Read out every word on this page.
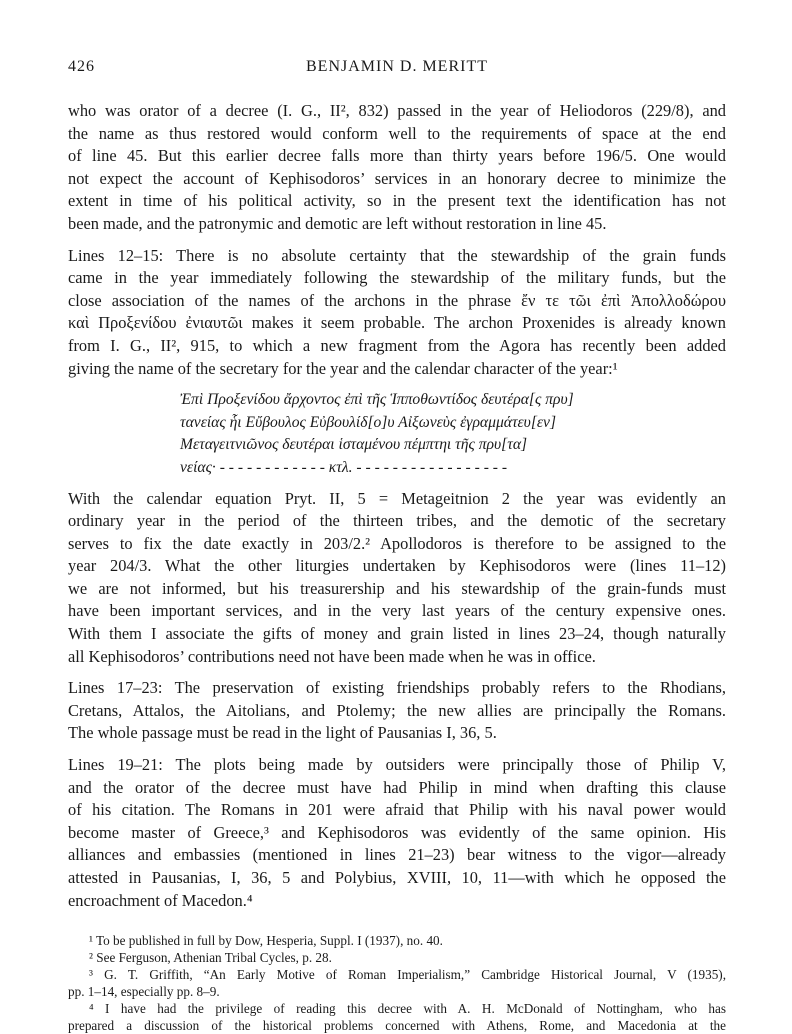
426	BENJAMIN D. MERITT

who was orator of a decree (I. G., II², 832) passed in the year of Heliodoros (229/8), and
the name as thus restored would conform well to the requirements of space at the end
of line 45. But this earlier decree falls more than thirty years before 196/5. One would
not expect the account of Kephisodoros’ services in an honorary decree to minimize the
extent in time of his political activity, so in the present text the identification has not
been made, and the patronymic and demotic are left without restoration in line 45.

Lines 12–15: There is no absolute certainty that the stewardship of the grain funds
came in the year immediately following the stewardship of the military funds, but the
close association of the names of the archons in the phrase ἔν τε τῶι ἐπὶ Ἀπολλοδώρου
καὶ Προξενίδου ἐνιαυτῶι makes it seem probable. The archon Proxenides is already known
from I. G., II², 915, to which a new fragment from the Agora has recently been added
giving the name of the secretary for the year and the calendar character of the year:¹

Ἐπὶ Προξενίδου ἄρχοντος ἐπὶ τῆς Ἱπποθωντίδος δευτέρα[ς πρυ]
τανείας ἧι Εὔβουλος Εὐβουλίδ[ο]υ Αἰξωνεὺς ἐγραμμάτευ[εν]
Μεταγειτνιῶνος δευτέραι ἱσταμένου πέμπτηι τῆς πρυ[τα]
νείας· - - - - - - - - - - - - κτλ. - - - - - - - - - - - - - - - - -

With the calendar equation Pryt. II, 5 = Metageitnion 2 the year was evidently an
ordinary year in the period of the thirteen tribes, and the demotic of the secretary
serves to fix the date exactly in 203/2.² Apollodoros is therefore to be assigned to the
year 204/3. What the other liturgies undertaken by Kephisodoros were (lines 11–12)
we are not informed, but his treasurership and his stewardship of the grain-funds must
have been important services, and in the very last years of the century expensive ones.
With them I associate the gifts of money and grain listed in lines 23–24, though naturally
all Kephisodoros’ contributions need not have been made when he was in office.

Lines 17–23: The preservation of existing friendships probably refers to the Rhodians,
Cretans, Attalos, the Aitolians, and Ptolemy; the new allies are principally the Romans.
The whole passage must be read in the light of Pausanias I, 36, 5.

Lines 19–21: The plots being made by outsiders were principally those of Philip V,
and the orator of the decree must have had Philip in mind when drafting this clause
of his citation. The Romans in 201 were afraid that Philip with his naval power would
become master of Greece,³ and Kephisodoros was evidently of the same opinion. His
alliances and embassies (mentioned in lines 21–23) bear witness to the vigor—already
attested in Pausanias, I, 36, 5 and Polybius, XVIII, 10, 11—with which he opposed the
encroachment of Macedon.⁴

¹ To be published in full by Dow, Hesperia, Suppl. I (1937), no. 40.
² See Ferguson, Athenian Tribal Cycles, p. 28.
³ G. T. Griffith, “An Early Motive of Roman Imperialism,” Cambridge Historical Journal, V (1935),
pp. 1–14, especially pp. 8–9.
⁴ I have had the privilege of reading this decree with A. H. McDonald of Nottingham, who has
prepared a discussion of the historical problems concerned with Athens, Rome, and Macedonia at the
